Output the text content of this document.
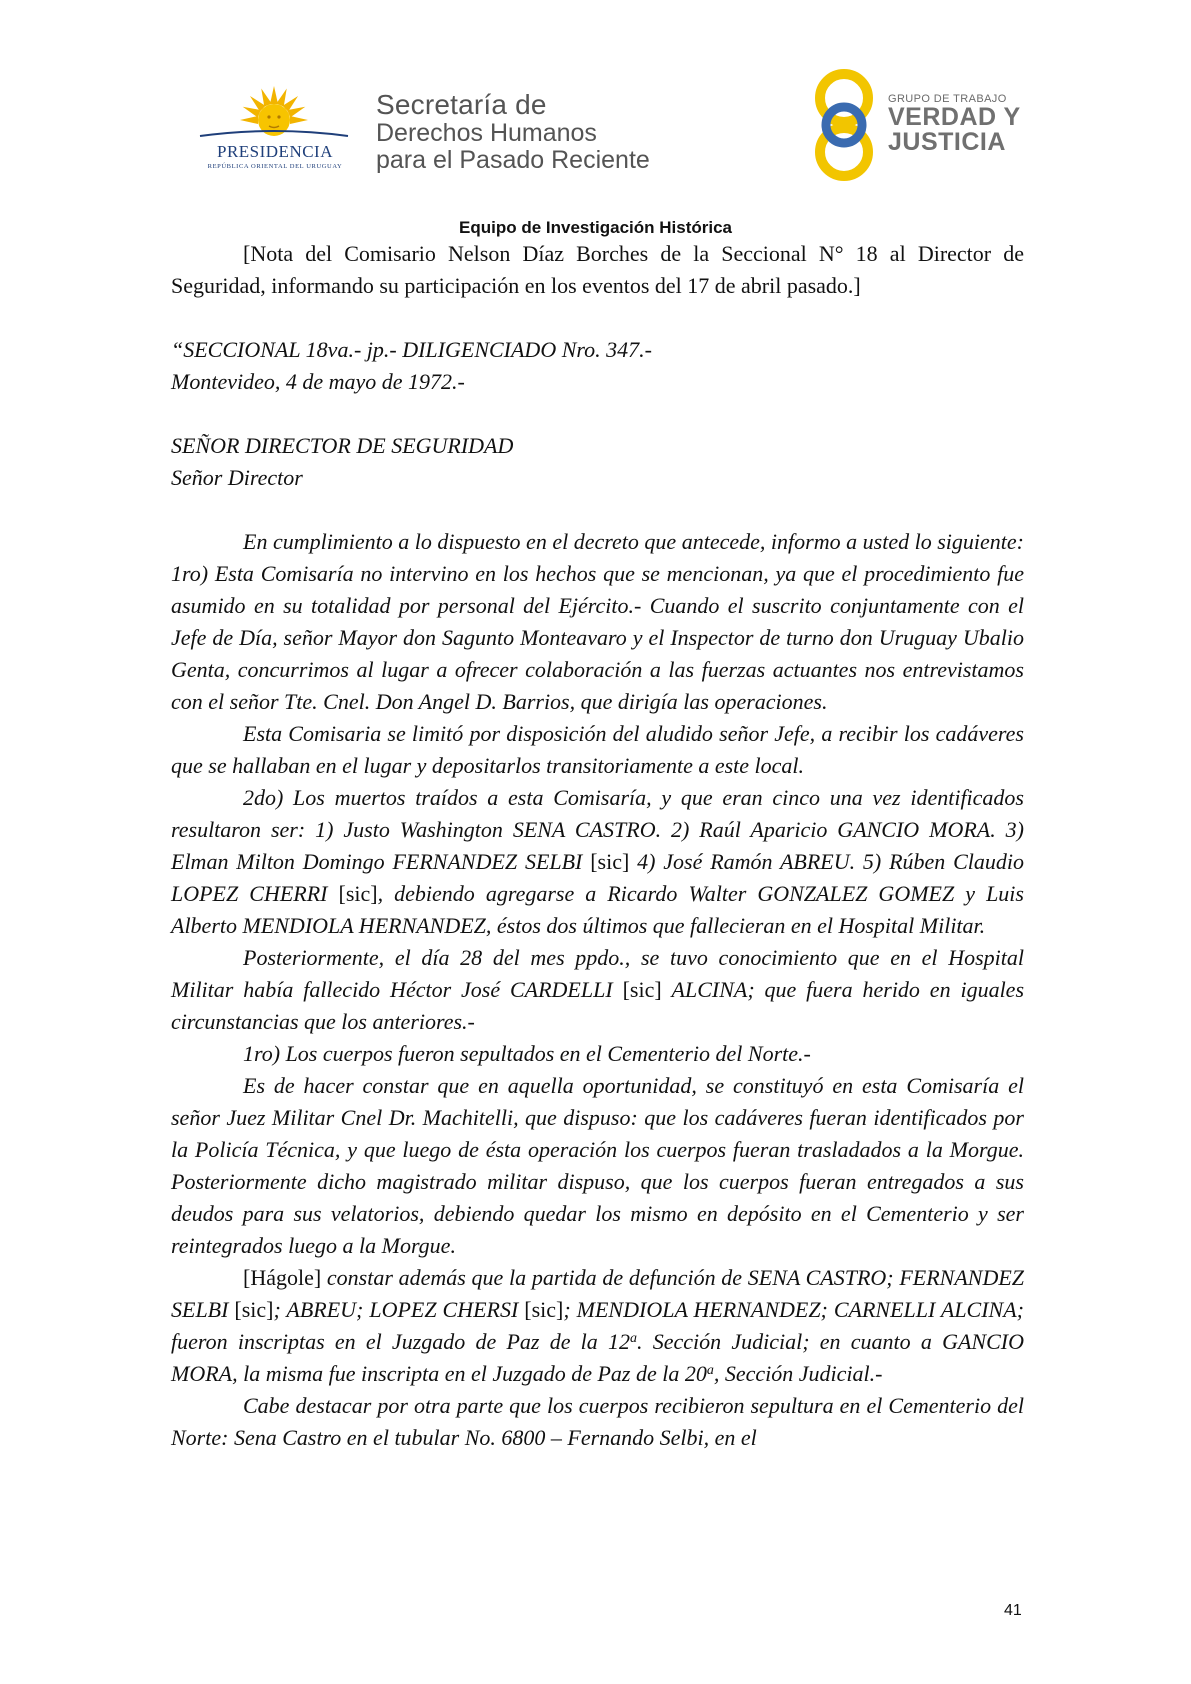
PRESIDENCIA
REPÚBLICA ORIENTAL DEL URUGUAY
Secretaría de
Derechos Humanos
para el Pasado Reciente
GRUPO DE TRABAJO
VERDAD Y
JUSTICIA
Equipo de Investigación Histórica

[Nota del Comisario Nelson Díaz Borches de la Seccional N° 18 al Director de Seguridad, informando su participación en los eventos del 17 de abril pasado.]

“SECCIONAL 18va.- jp.- DILIGENCIADO Nro. 347.-

Montevideo, 4 de mayo de 1972.-

SEÑOR DIRECTOR DE SEGURIDAD

Señor Director

En cumplimiento a lo dispuesto en el decreto que antecede, informo a usted lo siguiente: 1ro) Esta Comisaría no intervino en los hechos que se mencionan, ya que el procedimiento fue asumido en su totalidad por personal del Ejército.- Cuando el suscrito conjuntamente con el Jefe de Día, señor Mayor don Sagunto Monteavaro y el Inspector de turno don Uruguay Ubalio Genta, concurrimos al lugar a ofrecer colaboración a las fuerzas actuantes nos entrevistamos con el señor Tte. Cnel. Don Angel D. Barrios, que dirigía las operaciones.

Esta Comisaria se limitó por disposición del aludido señor Jefe, a recibir los cadáveres que se hallaban en el lugar y depositarlos transitoriamente a este local.

2do) Los muertos traídos a esta Comisaría, y que eran cinco una vez identificados resultaron ser: 1) Justo Washington SENA CASTRO. 2) Raúl Aparicio GANCIO MORA. 3) Elman Milton Domingo FERNANDEZ SELBI [sic] 4) José Ramón ABREU. 5) Rúben Claudio LOPEZ CHERRI [sic], debiendo agregarse a Ricardo Walter GONZALEZ GOMEZ y Luis Alberto MENDIOLA HERNANDEZ, éstos dos últimos que fallecieran en el Hospital Militar.

Posteriormente, el día 28 del mes ppdo., se tuvo conocimiento que en el Hospital Militar había fallecido Héctor José CARDELLI [sic] ALCINA; que fuera herido en iguales circunstancias que los anteriores.-

1ro) Los cuerpos fueron sepultados en el Cementerio del Norte.-

Es de hacer constar que en aquella oportunidad, se constituyó en esta Comisaría el señor Juez Militar Cnel Dr. Machitelli, que dispuso: que los cadáveres fueran identificados por la Policía Técnica, y que luego de ésta operación los cuerpos fueran trasladados a la Morgue. Posteriormente dicho magistrado militar dispuso, que los cuerpos fueran entregados a sus deudos para sus velatorios, debiendo quedar los mismo en depósito en el Cementerio y ser reintegrados luego a la Morgue.

[Hágole] constar además que la partida de defunción de SENA CASTRO; FERNANDEZ SELBI [sic]; ABREU; LOPEZ CHERSI [sic]; MENDIOLA HERNANDEZ; CARNELLI ALCINA; fueron inscriptas en el Juzgado de Paz de la 12$^a$. Sección Judicial; en cuanto a GANCIO MORA, la misma fue inscripta en el Juzgado de Paz de la 20$^a$, Sección Judicial.-

Cabe destacar por otra parte que los cuerpos recibieron sepultura en el Cementerio del Norte: Sena Castro en el tubular No. 6800 – Fernando Selbi, en el

41
